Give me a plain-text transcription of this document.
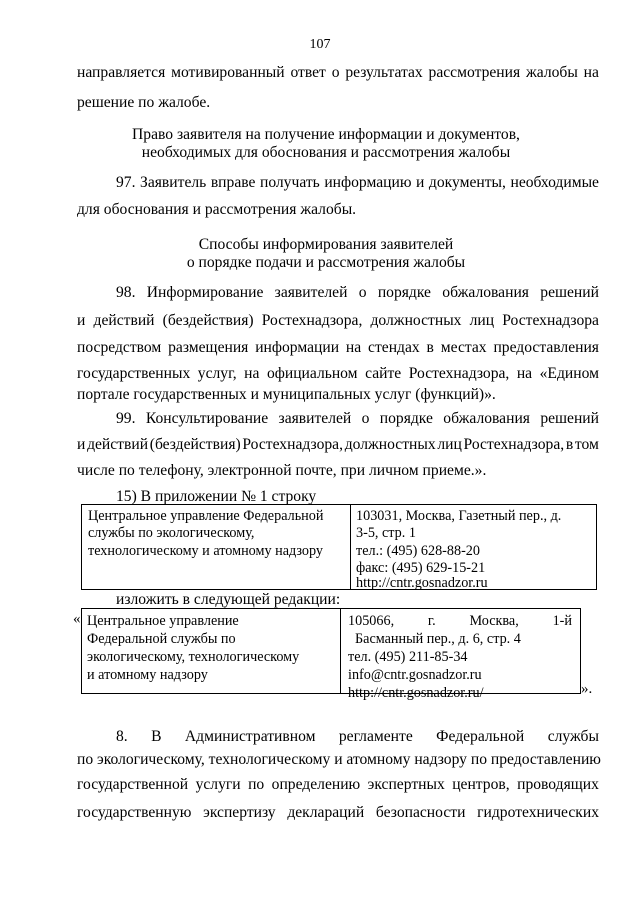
107
направляется мотивированный ответ о результатах рассмотрения жалобы на
решение по жалобе.
Право заявителя на получение информации и документов,
необходимых для обоснования и рассмотрения жалобы
97. Заявитель вправе получать информацию и документы, необходимые
для обоснования и рассмотрения жалобы.
Способы информирования заявителей
о порядке подачи и рассмотрения жалобы
98. Информирование заявителей о порядке обжалования решений
и действий (бездействия) Ростехнадзора, должностных лиц Ростехнадзора
посредством размещения информации на стендах в местах предоставления
государственных услуг, на официальном сайте Ростехнадзора, на «Едином
портале государственных и муниципальных услуг (функций)».
99. Консультирование заявителей о порядке обжалования решений
и действий (бездействия) Ростехнадзора, должностных лиц Ростехнадзора, в том
числе по телефону, электронной почте, при личном приеме.».
15) В приложении № 1 строку
Центральное управление Федеральной
службы по экологическому,
технологическому и атомному надзору
103031, Москва, Газетный пер., д.
3-5, стр. 1
тел.: (495) 628-88-20
факс: (495) 629-15-21
http://cntr.gosnadzor.ru
изложить в следующей редакции:
« Центральное управление
Федеральной службы по
экологическому, технологическому
и атомному надзору
105066, г. Москва, 1-й
Басманный пер., д. 6, стр. 4
тел. (495) 211-85-34
info@cntr.gosnadzor.ru
http://cntr.gosnadzor.ru/	».
8. В Административном регламенте Федеральной службы
по экологическому, технологическому и атомному надзору по предоставлению
государственной услуги по определению экспертных центров, проводящих
государственную экспертизу деклараций безопасности гидротехнических
